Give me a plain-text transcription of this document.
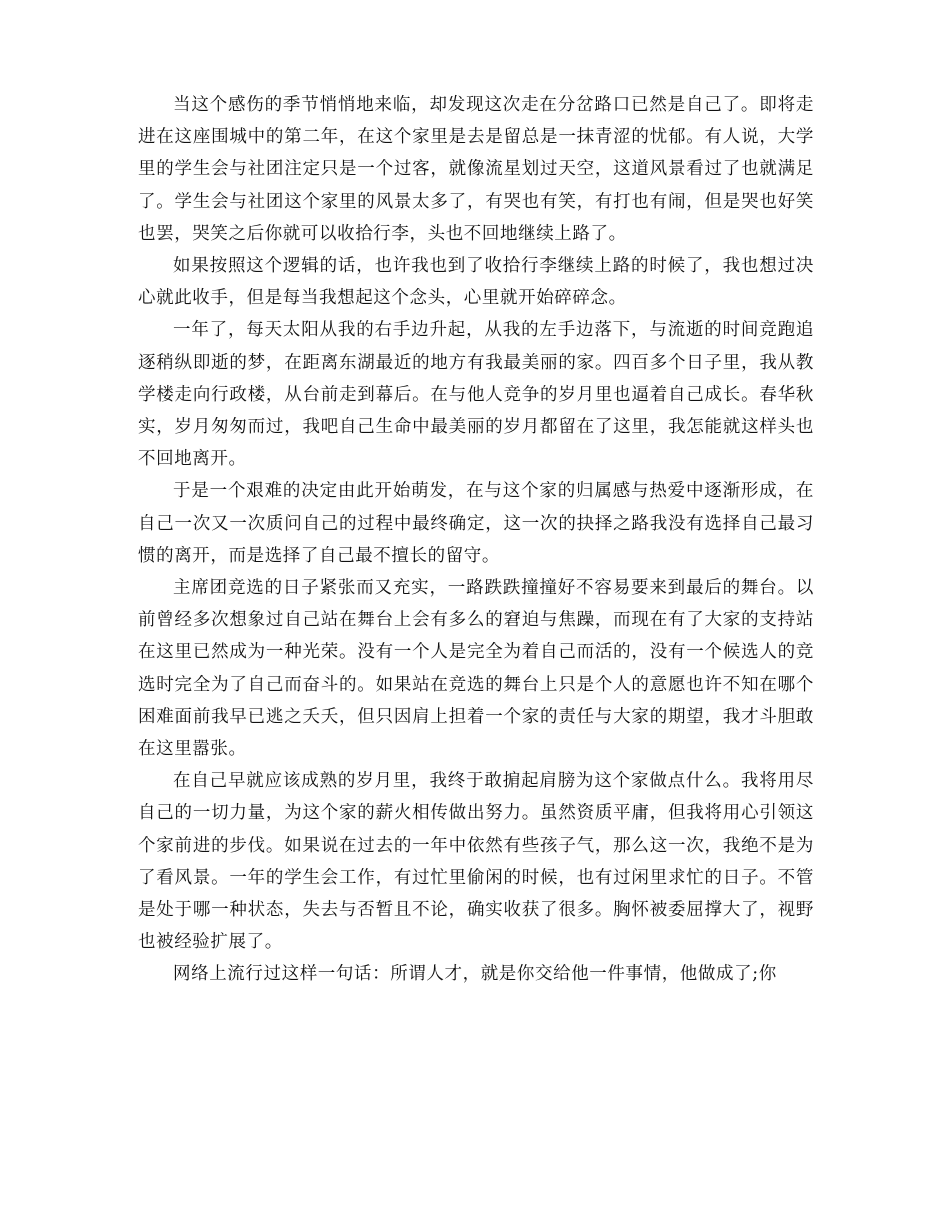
当这个感伤的季节悄悄地来临，却发现这次走在分岔路口已然是自己了。即将走进在这座围城中的第二年，在这个家里是去是留总是一抹青涩的忧郁。有人说，大学里的学生会与社团注定只是一个过客，就像流星划过天空，这道风景看过了也就满足了。学生会与社团这个家里的风景太多了，有哭也有笑，有打也有闹，但是哭也好笑也罢，哭笑之后你就可以收拾行李，头也不回地继续上路了。

如果按照这个逻辑的话，也许我也到了收拾行李继续上路的时候了，我也想过决心就此收手，但是每当我想起这个念头，心里就开始碎碎念。

一年了，每天太阳从我的右手边升起，从我的左手边落下，与流逝的时间竞跑追逐稍纵即逝的梦，在距离东湖最近的地方有我最美丽的家。四百多个日子里，我从教学楼走向行政楼，从台前走到幕后。在与他人竞争的岁月里也逼着自己成长。春华秋实，岁月匆匆而过，我吧自己生命中最美丽的岁月都留在了这里，我怎能就这样头也不回地离开。

于是一个艰难的决定由此开始萌发，在与这个家的归属感与热爱中逐渐形成，在自己一次又一次质问自己的过程中最终确定，这一次的抉择之路我没有选择自己最习惯的离开，而是选择了自己最不擅长的留守。

主席团竞选的日子紧张而又充实，一路跌跌撞撞好不容易要来到最后的舞台。以前曾经多次想象过自己站在舞台上会有多么的窘迫与焦躁，而现在有了大家的支持站在这里已然成为一种光荣。没有一个人是完全为着自己而活的，没有一个候选人的竞选时完全为了自己而奋斗的。如果站在竞选的舞台上只是个人的意愿也许不知在哪个困难面前我早已逃之夭夭，但只因肩上担着一个家的责任与大家的期望，我才斗胆敢在这里嚣张。

在自己早就应该成熟的岁月里，我终于敢掮起肩膀为这个家做点什么。我将用尽自己的一切力量，为这个家的薪火相传做出努力。虽然资质平庸，但我将用心引领这个家前进的步伐。如果说在过去的一年中依然有些孩子气，那么这一次，我绝不是为了看风景。一年的学生会工作，有过忙里偷闲的时候，也有过闲里求忙的日子。不管是处于哪一种状态，失去与否暂且不论，确实收获了很多。胸怀被委屈撑大了，视野也被经验扩展了。

网络上流行过这样一句话：所谓人才，就是你交给他一件事情，他做成了;你
